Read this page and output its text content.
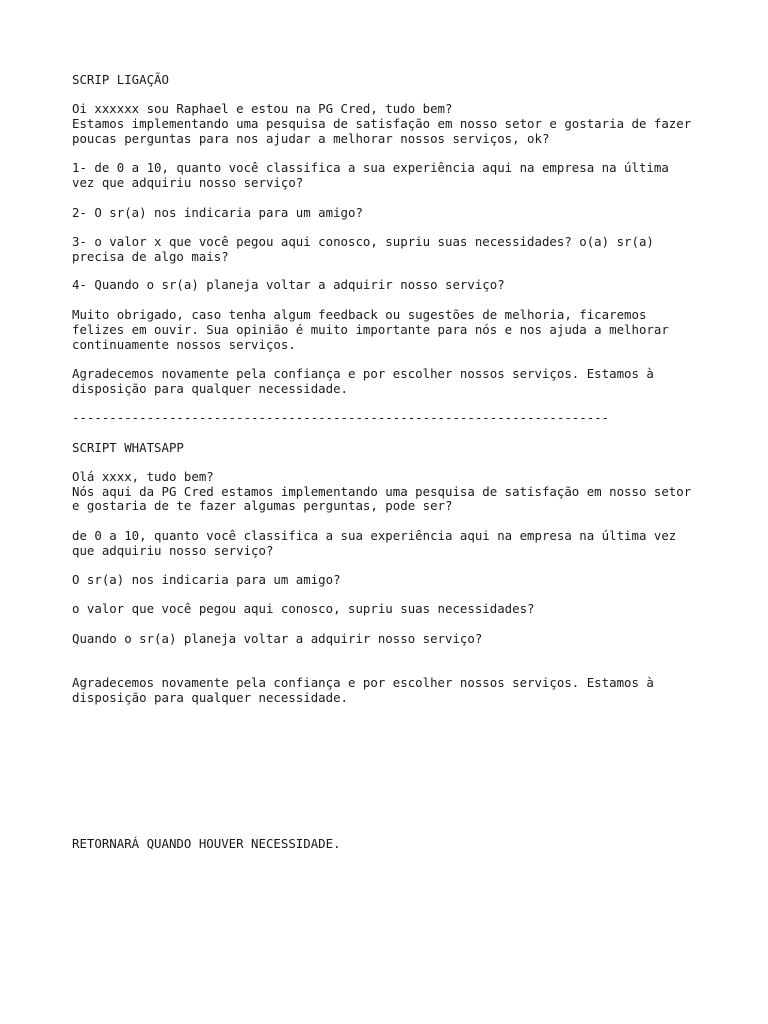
SCRIP LIGAÇÃO

Oi xxxxxx sou Raphael e estou na PG Cred, tudo bem?

Estamos implementando uma pesquisa de satisfação em nosso setor e gostaria de fazer

poucas perguntas para nos ajudar a melhorar nossos serviços, ok?

1- de 0 a 10, quanto você classifica a sua experiência aqui na empresa na última

vez que adquiriu nosso serviço?

2- O sr(a) nos indicaria para um amigo?

3- o valor x que você pegou aqui conosco, supriu suas necessidades? o(a) sr(a)

precisa de algo mais?

4- Quando o sr(a) planeja voltar a adquirir nosso serviço?

Muito obrigado, caso tenha algum feedback ou sugestões de melhoria, ficaremos

felizes em ouvir. Sua opinião é muito importante para nós e nos ajuda a melhorar

continuamente nossos serviços.

Agradecemos novamente pela confiança e por escolher nossos serviços. Estamos à

disposição para qualquer necessidade.

------------------------------------------------------------------------

SCRIPT WHATSAPP

Olá xxxx, tudo bem?

Nós aqui da PG Cred estamos implementando uma pesquisa de satisfação em nosso setor

e gostaria de te fazer algumas perguntas, pode ser?

de 0 a 10, quanto você classifica a sua experiência aqui na empresa na última vez

que adquiriu nosso serviço?

O sr(a) nos indicaria para um amigo?

o valor que você pegou aqui conosco, supriu suas necessidades?

Quando o sr(a) planeja voltar a adquirir nosso serviço?

Agradecemos novamente pela confiança e por escolher nossos serviços. Estamos à

disposição para qualquer necessidade.

RETORNARÁ QUANDO HOUVER NECESSIDADE.
